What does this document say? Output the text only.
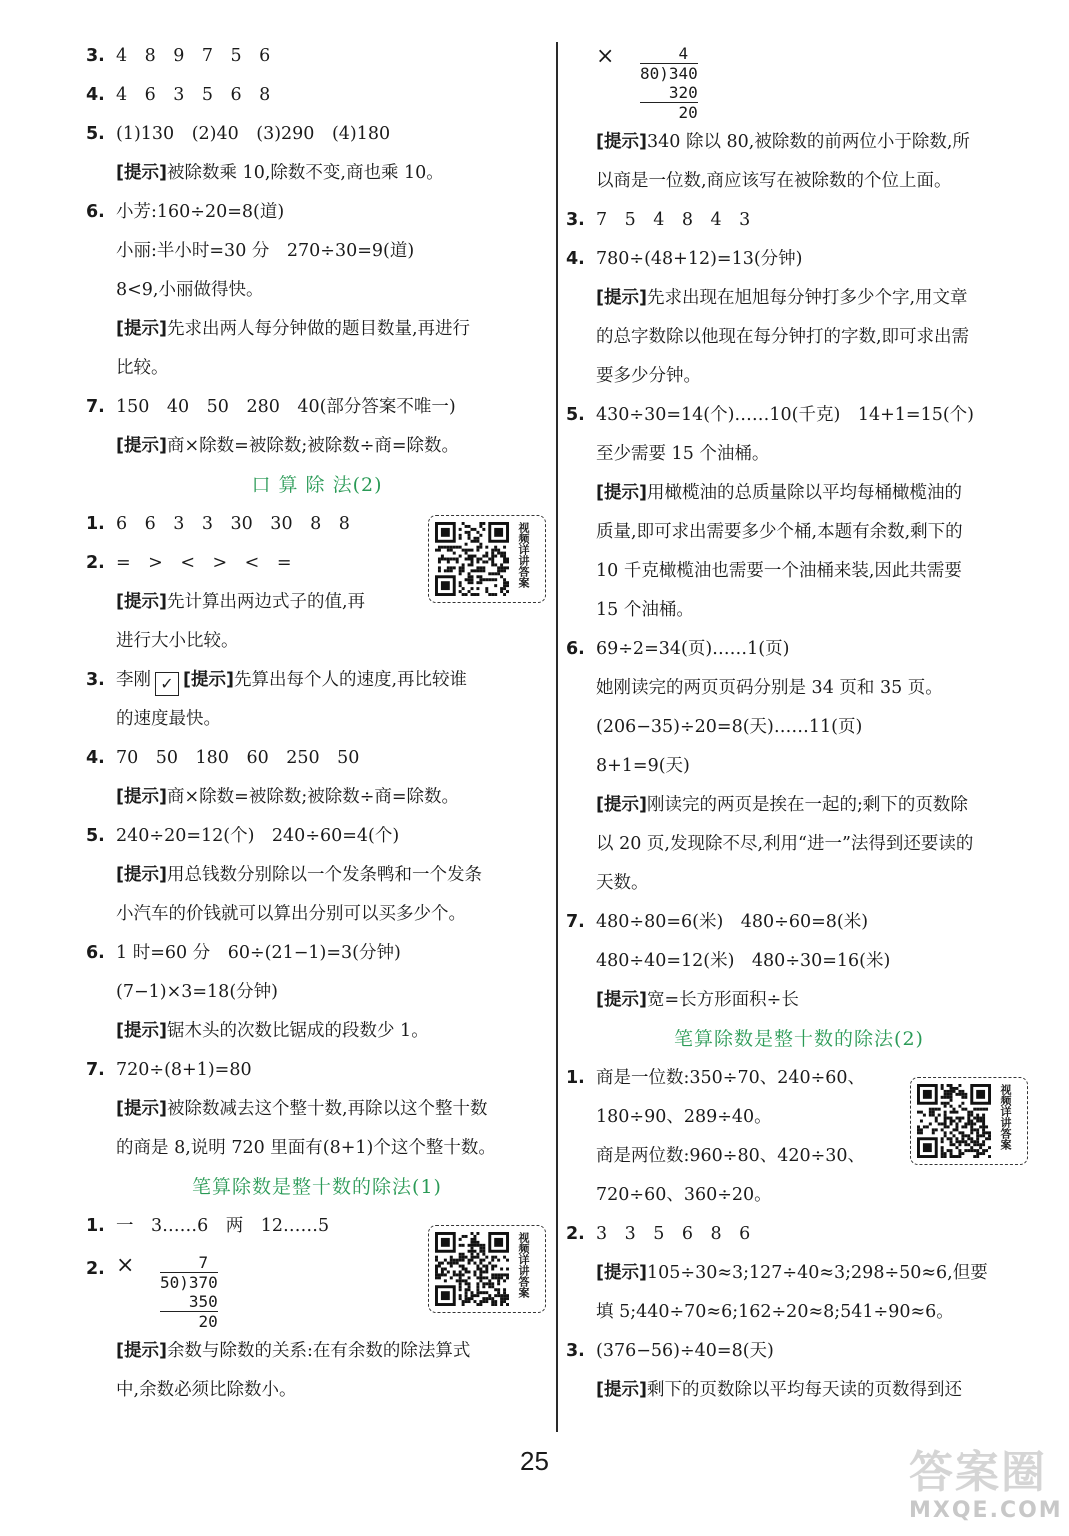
3. 4　8　9　7　5　6
4. 4　6　3　5　6　8
5. (1)130　(2)40　(3)290　(4)180
[提示]被除数乘 10,除数不变,商也乘 10。
6. 小芳:160÷20=8(道)
小丽:半小时=30 分　270÷30=9(道)
8<9,小丽做得快。
[提示]先求出两人每分钟做的题目数量,再进行
比较。
7. 150　40　50　280　40(部分答案不唯一)
[提示]商×除数=被除数;被除数÷商=除数。
口 算 除 法(2)
1. 6　6　3　3　30　30　8　8
2. =　>　<　>　<　=
[提示]先计算出两边式子的值,再
进行大小比较。
3. 李刚 ✓ [提示]先算出每个人的速度,再比较谁
的速度最快。
4. 70　50　180　60　250　50
[提示]商×除数=被除数;被除数÷商=除数。
5. 240÷20=12(个)　240÷60=4(个)
[提示]用总钱数分别除以一个发条鸭和一个发条
小汽车的价钱就可以算出分别可以买多少个。
6. 1 时=60 分　60÷(21−1)=3(分钟)
(7−1)×3=18(分钟)
[提示]锯木头的次数比锯成的段数少 1。
7. 720÷(8+1)=80
[提示]被除数减去这个整十数,再除以这个整十数
的商是 8,说明 720 里面有(8+1)个这个整十数。
笔算除数是整十数的除法(1)
1. 一　3……6　两　12……5
2. × 7
50)370
350
20
[提示]余数与除数的关系:在有余数的除法算式
中,余数必须比除数小。
× 4
80)340
320
20
[提示]340 除以 80,被除数的前两位小于除数,所
以商是一位数,商应该写在被除数的个位上面。
3. 7　5　4　8　4　3
4. 780÷(48+12)=13(分钟)
[提示]先求出现在旭旭每分钟打多少个字,用文章
的总字数除以他现在每分钟打的字数,即可求出需
要多少分钟。
5. 430÷30=14(个)……10(千克)　14+1=15(个)
至少需要 15 个油桶。
[提示]用橄榄油的总质量除以平均每桶橄榄油的
质量,即可求出需要多少个桶,本题有余数,剩下的
10 千克橄榄油也需要一个油桶来装,因此共需要
15 个油桶。
6. 69÷2=34(页)……1(页)
她刚读完的两页页码分别是 34 页和 35 页。
(206−35)÷20=8(天)……11(页)
8+1=9(天)
[提示]刚读完的两页是挨在一起的;剩下的页数除
以 20 页,发现除不尽,利用“进一”法得到还要读的
天数。
7. 480÷80=6(米)　480÷60=8(米)
480÷40=12(米)　480÷30=16(米)
[提示]宽=长方形面积÷长
笔算除数是整十数的除法(2)
1. 商是一位数:350÷70、240÷60、
180÷90、289÷40。
商是两位数:960÷80、420÷30、
720÷60、360÷20。
2. 3　3　5　6　8　6
[提示]105÷30≈3;127÷40≈3;298÷50≈6,但要
填 5;440÷70≈6;162÷20≈8;541÷90≈6。
3. (376−56)÷40=8(天)
[提示]剩下的页数除以平均每天读的页数得到还
视频详讲答案
视频详讲答案
视频详讲答案
25	答案圈
MXQE.COM
